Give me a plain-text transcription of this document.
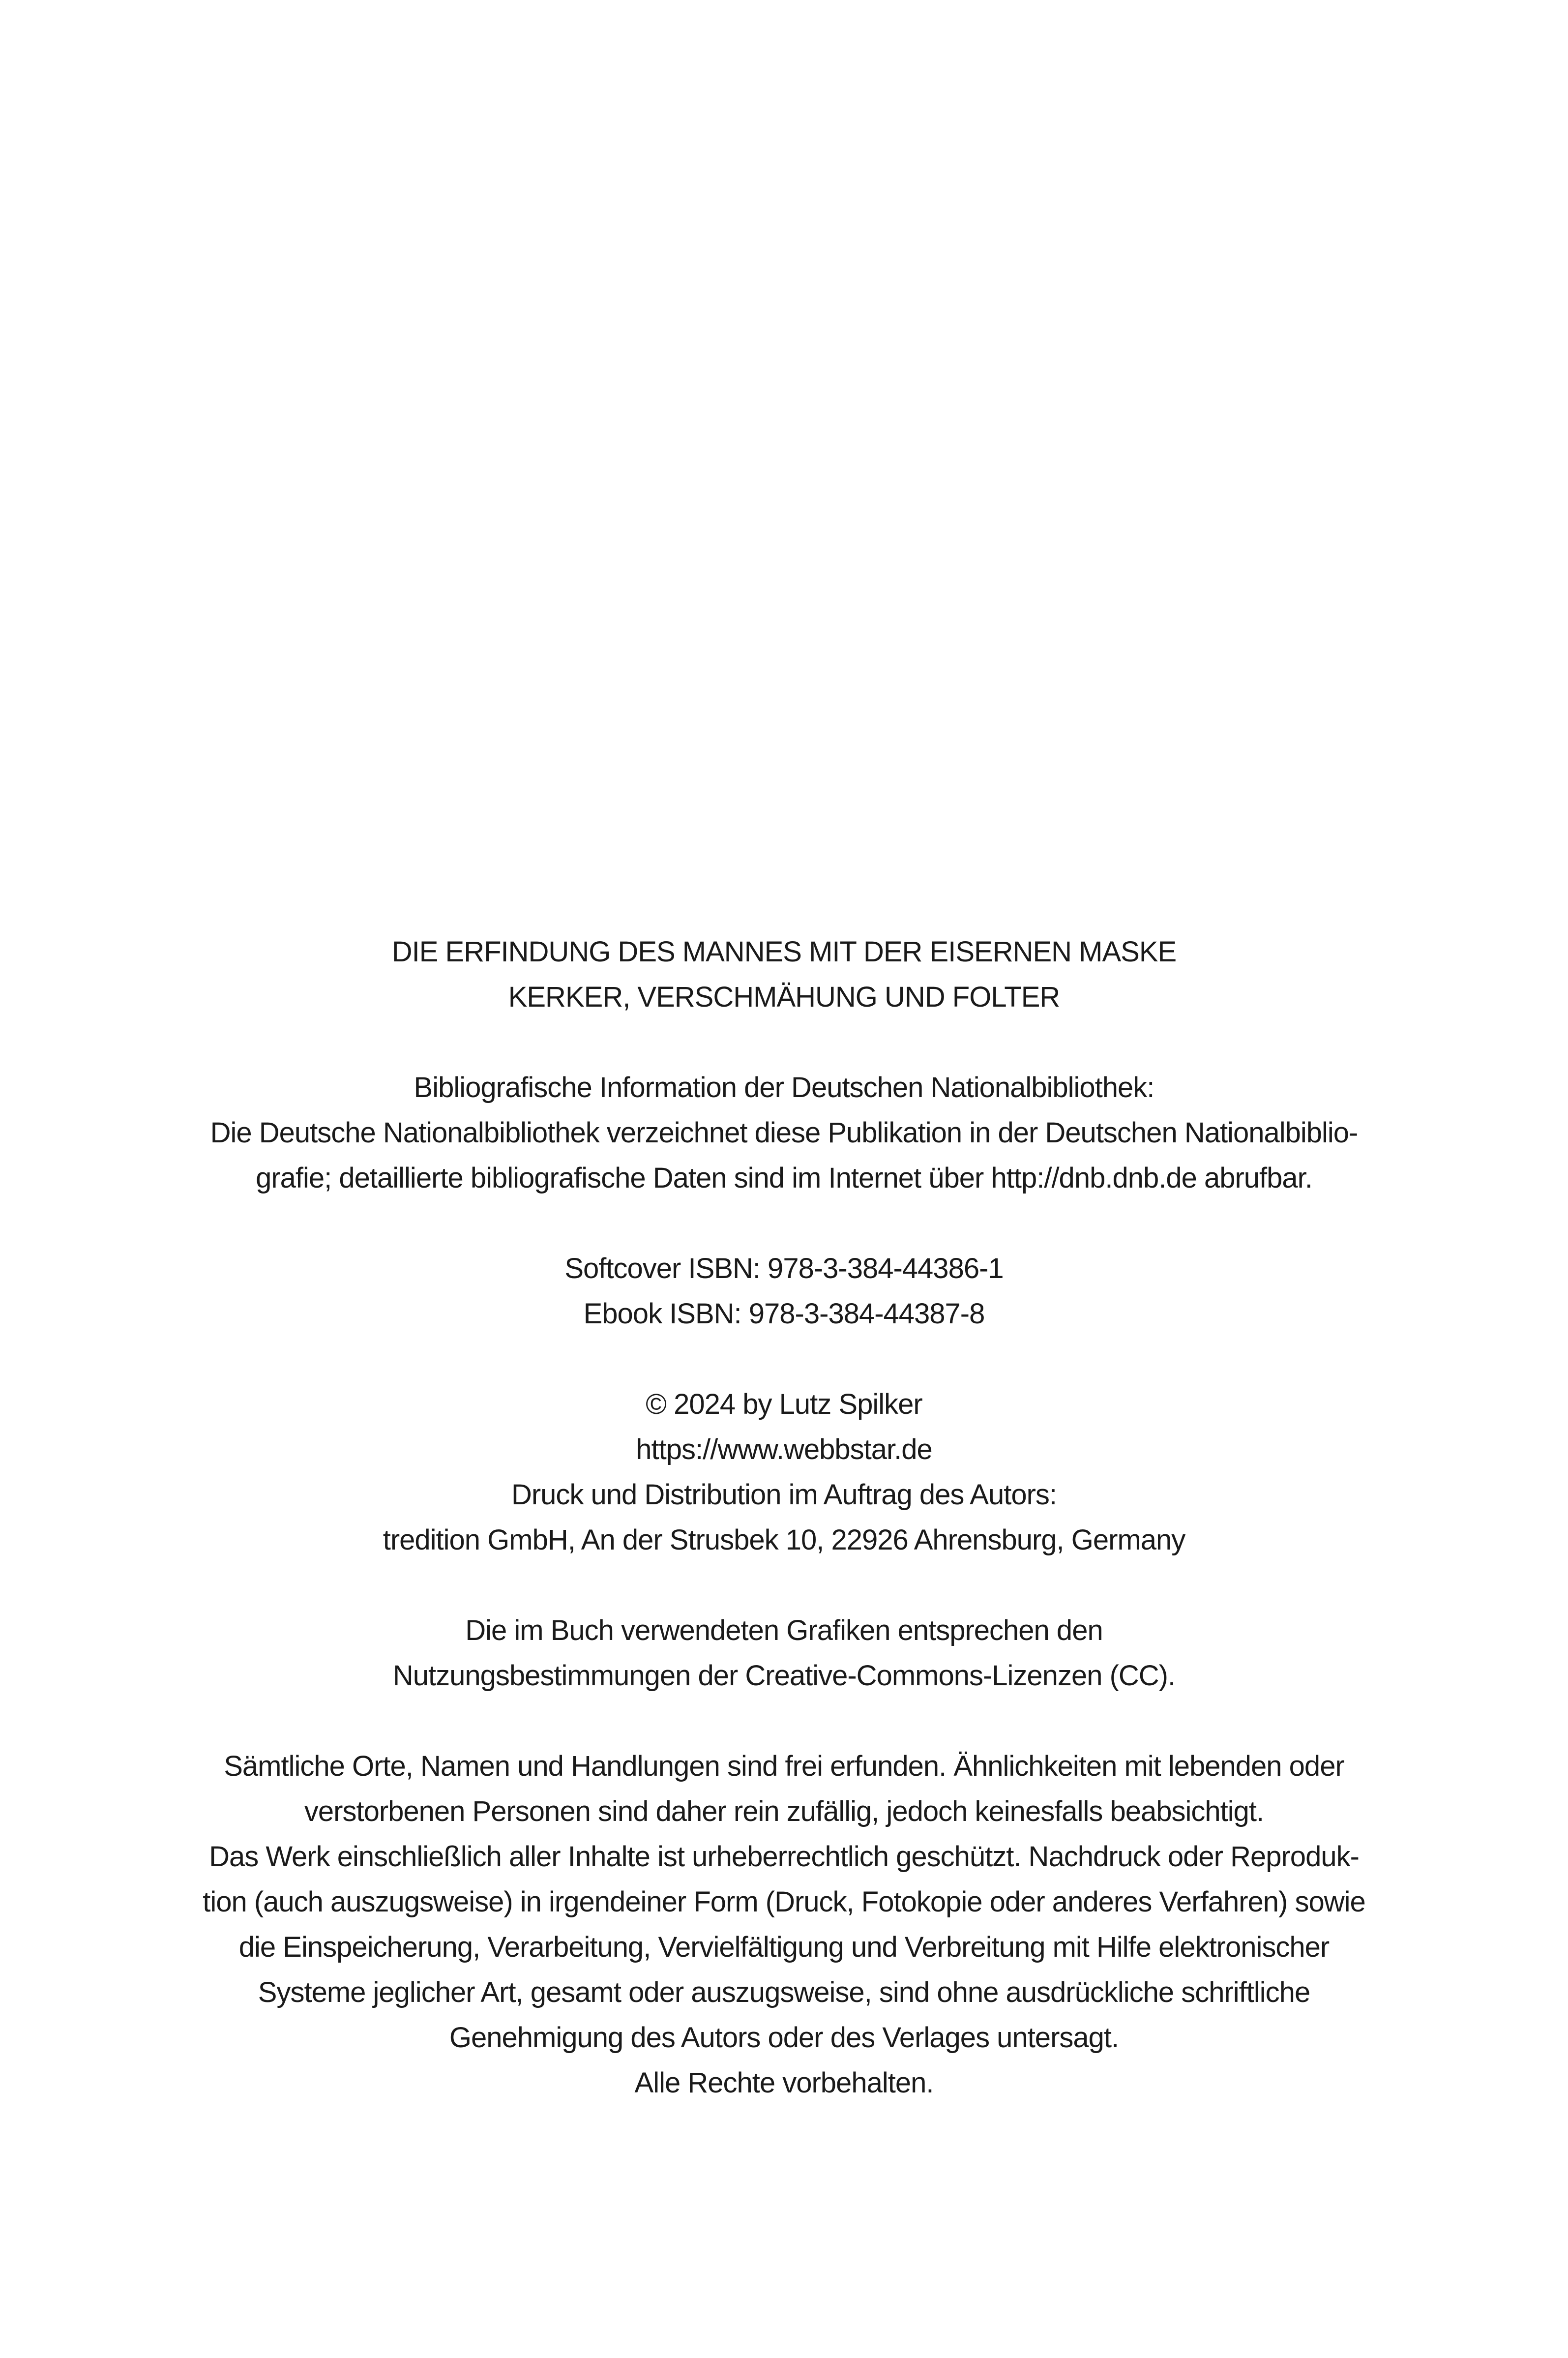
DIE ERFINDUNG DES MANNES MIT DER EISERNEN MASKE
KERKER, VERSCHMÄHUNG UND FOLTER
Bibliografische Information der Deutschen Nationalbibliothek:
Die Deutsche Nationalbibliothek verzeichnet diese Publikation in der Deutschen Nationalbiblio-
grafie; detaillierte bibliografische Daten sind im Internet über http://dnb.dnb.de abrufbar.
Softcover ISBN: 978-3-384-44386-1
Ebook ISBN: 978-3-384-44387-8
© 2024 by Lutz Spilker
https://www.webbstar.de
Druck und Distribution im Auftrag des Autors:
tredition GmbH, An der Strusbek 10, 22926 Ahrensburg, Germany
Die im Buch verwendeten Grafiken entsprechen den
Nutzungsbestimmungen der Creative-Commons-Lizenzen (CC).
Sämtliche Orte, Namen und Handlungen sind frei erfunden. Ähnlichkeiten mit lebenden oder
verstorbenen Personen sind daher rein zufällig, jedoch keinesfalls beabsichtigt.
Das Werk einschließlich aller Inhalte ist urheberrechtlich geschützt. Nachdruck oder Reproduk-
tion (auch auszugsweise) in irgendeiner Form (Druck, Fotokopie oder anderes Verfahren) sowie
die Einspeicherung, Verarbeitung, Vervielfältigung und Verbreitung mit Hilfe elektronischer
Systeme jeglicher Art, gesamt oder auszugsweise, sind ohne ausdrückliche schriftliche
Genehmigung des Autors oder des Verlages untersagt.
Alle Rechte vorbehalten.
